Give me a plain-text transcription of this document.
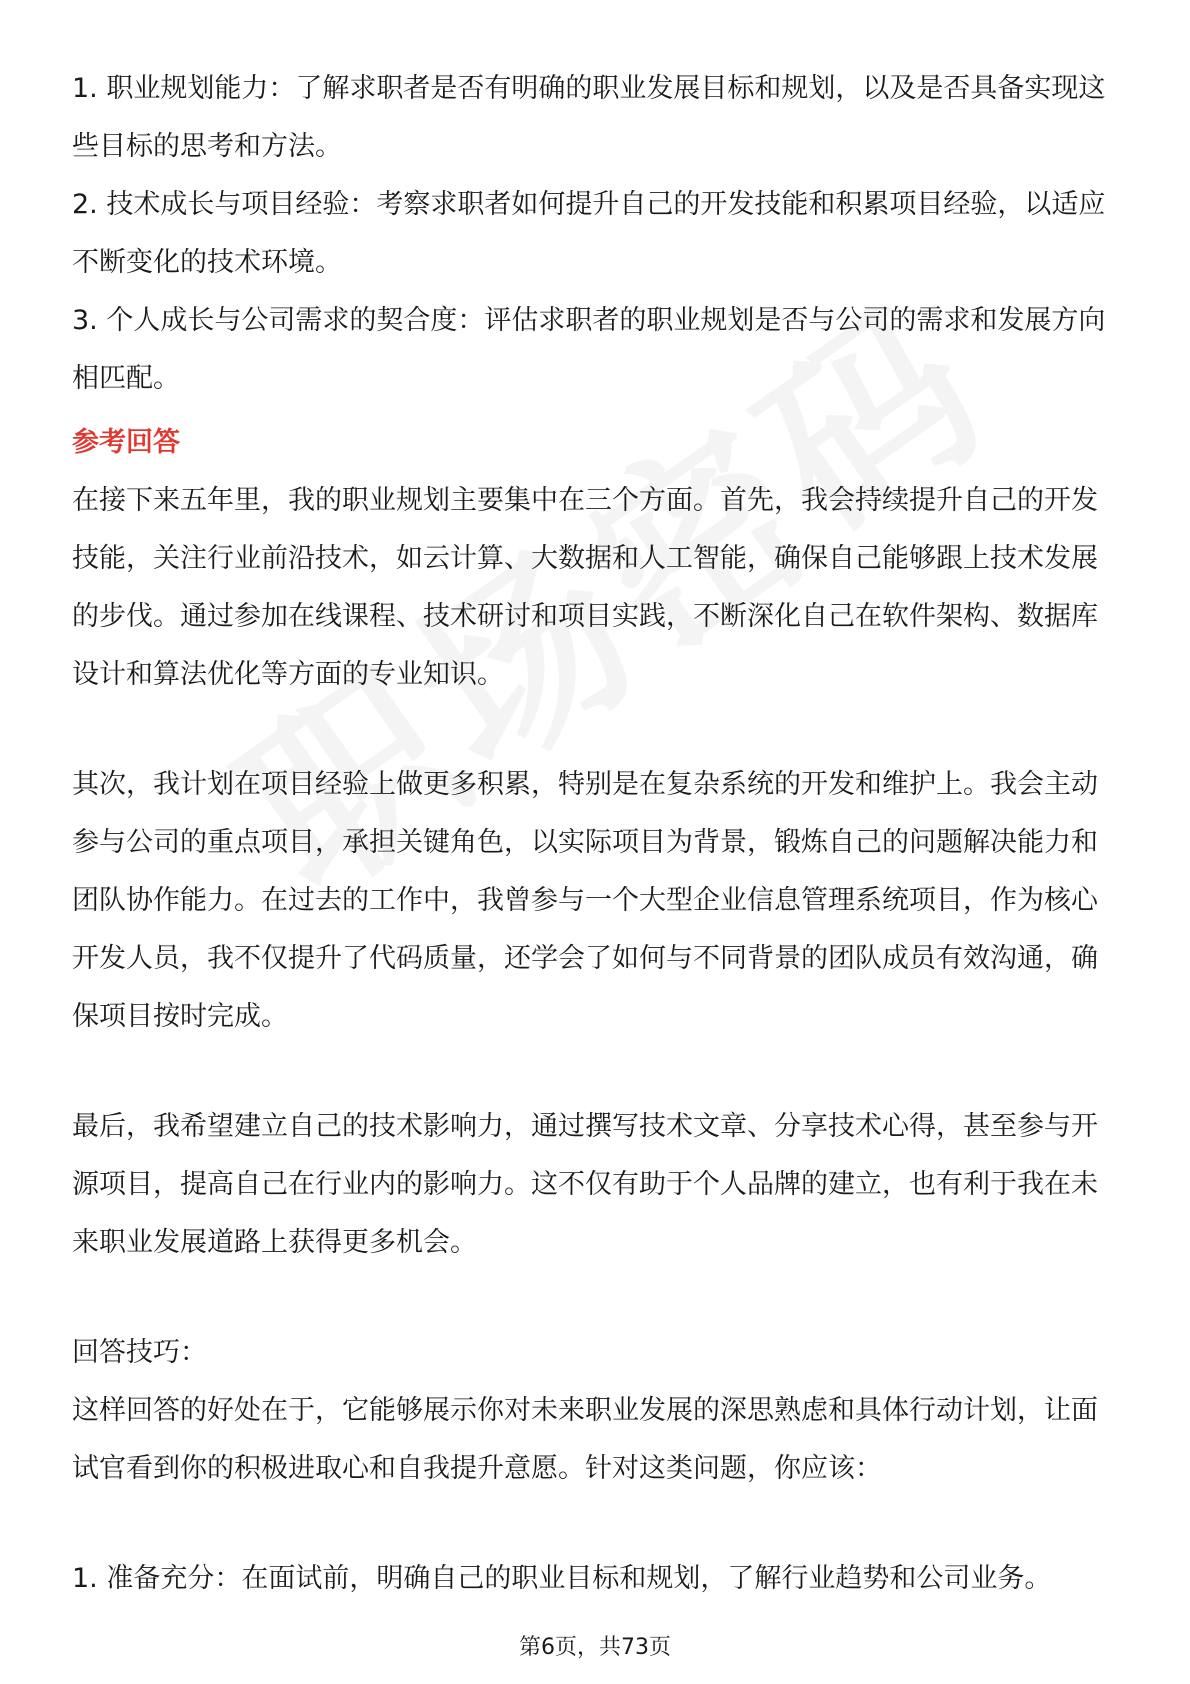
1. 职业规划能力：了解求职者是否有明确的职业发展目标和规划，以及是否具备实现这些目标的思考和方法。

2. 技术成长与项目经验：考察求职者如何提升自己的开发技能和积累项目经验，以适应不断变化的技术环境。

3. 个人成长与公司需求的契合度：评估求职者的职业规划是否与公司的需求和发展方向相匹配。

参考回答

在接下来五年里，我的职业规划主要集中在三个方面。首先，我会持续提升自己的开发技能，关注行业前沿技术，如云计算、大数据和人工智能，确保自己能够跟上技术发展的步伐。通过参加在线课程、技术研讨和项目实践，不断深化自己在软件架构、数据库设计和算法优化等方面的专业知识。

其次，我计划在项目经验上做更多积累，特别是在复杂系统的开发和维护上。我会主动参与公司的重点项目，承担关键角色，以实际项目为背景，锻炼自己的问题解决能力和团队协作能力。在过去的工作中，我曾参与一个大型企业信息管理系统项目，作为核心开发人员，我不仅提升了代码质量，还学会了如何与不同背景的团队成员有效沟通，确保项目按时完成。

最后，我希望建立自己的技术影响力，通过撰写技术文章、分享技术心得，甚至参与开源项目，提高自己在行业内的影响力。这不仅有助于个人品牌的建立，也有利于我在未来职业发展道路上获得更多机会。

回答技巧：

这样回答的好处在于，它能够展示你对未来职业发展的深思熟虑和具体行动计划，让面试官看到你的积极进取心和自我提升意愿。针对这类问题，你应该：

1. 准备充分：在面试前，明确自己的职业目标和规划，了解行业趋势和公司业务。

第6页，共73页
